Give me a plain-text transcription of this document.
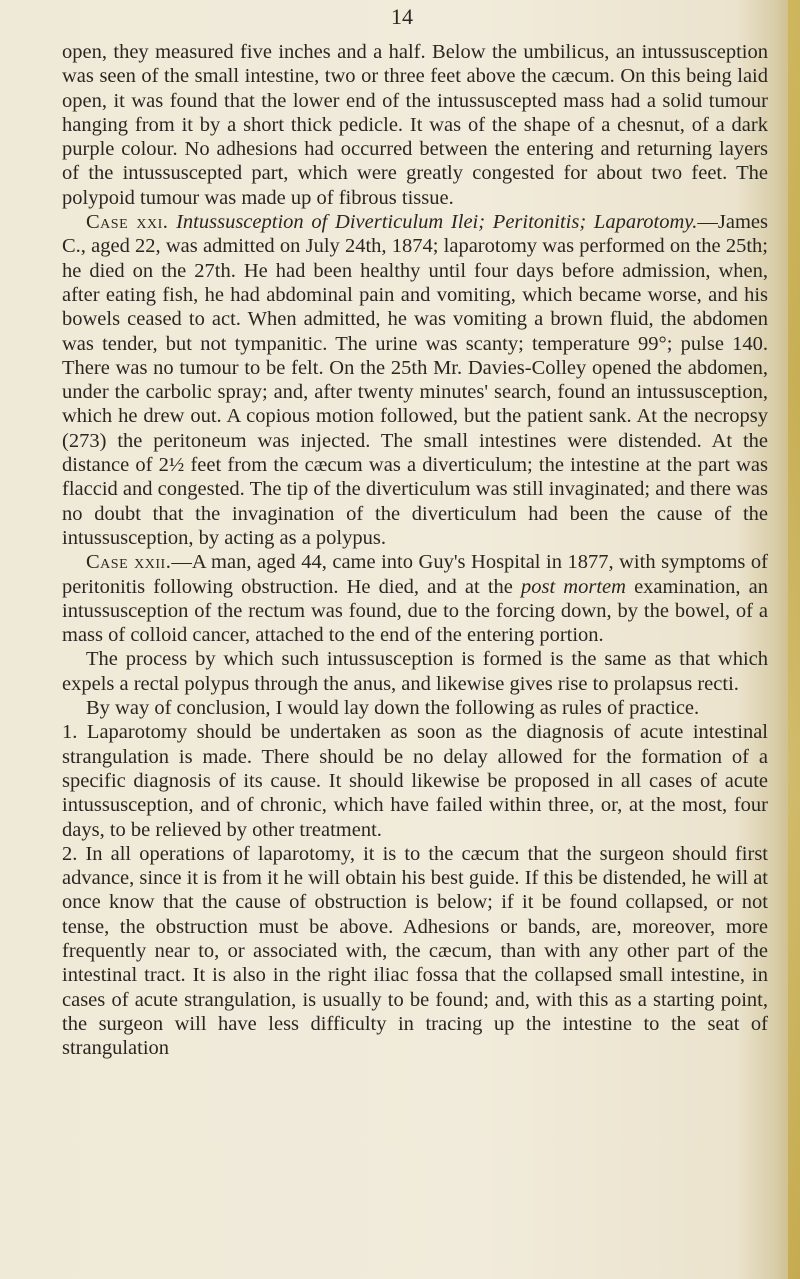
14

open, they measured five inches and a half. Below the umbilicus, an intussusception was seen of the small intestine, two or three feet above the cæcum. On this being laid open, it was found that the lower end of the intussuscepted mass had a solid tumour hanging from it by a short thick pedicle. It was of the shape of a chesnut, of a dark purple colour. No adhesions had occurred between the entering and returning layers of the intussuscepted part, which were greatly congested for about two feet. The polypoid tumour was made up of fibrous tissue.

Case xxi. Intussusception of Diverticulum Ilei; Peritonitis; Laparotomy.—James C., aged 22, was admitted on July 24th, 1874; laparotomy was performed on the 25th; he died on the 27th. He had been healthy until four days before admission, when, after eating fish, he had abdominal pain and vomiting, which became worse, and his bowels ceased to act. When admitted, he was vomiting a brown fluid, the abdomen was tender, but not tympanitic. The urine was scanty; temperature 99°; pulse 140. There was no tumour to be felt. On the 25th Mr. Davies-Colley opened the abdomen, under the carbolic spray; and, after twenty minutes' search, found an intussusception, which he drew out. A copious motion followed, but the patient sank. At the necropsy (273) the peritoneum was injected. The small intestines were distended. At the distance of 2½ feet from the cæcum was a diverticulum; the intestine at the part was flaccid and congested. The tip of the diverticulum was still invaginated; and there was no doubt that the invagination of the diverticulum had been the cause of the intussusception, by acting as a polypus.

Case xxii.—A man, aged 44, came into Guy's Hospital in 1877, with symptoms of peritonitis following obstruction. He died, and at the post mortem examination, an intussusception of the rectum was found, due to the forcing down, by the bowel, of a mass of colloid cancer, attached to the end of the entering portion.

The process by which such intussusception is formed is the same as that which expels a rectal polypus through the anus, and likewise gives rise to prolapsus recti.

By way of conclusion, I would lay down the following as rules of practice.

1. Laparotomy should be undertaken as soon as the diagnosis of acute intestinal strangulation is made. There should be no delay allowed for the formation of a specific diagnosis of its cause. It should likewise be proposed in all cases of acute intussusception, and of chronic, which have failed within three, or, at the most, four days, to be relieved by other treatment.

2. In all operations of laparotomy, it is to the cæcum that the surgeon should first advance, since it is from it he will obtain his best guide. If this be distended, he will at once know that the cause of obstruction is below; if it be found collapsed, or not tense, the obstruction must be above. Adhesions or bands, are, moreover, more frequently near to, or associated with, the cæcum, than with any other part of the intestinal tract. It is also in the right iliac fossa that the collapsed small intestine, in cases of acute strangulation, is usually to be found; and, with this as a starting point, the surgeon will have less difficulty in tracing up the intestine to the seat of strangulation
